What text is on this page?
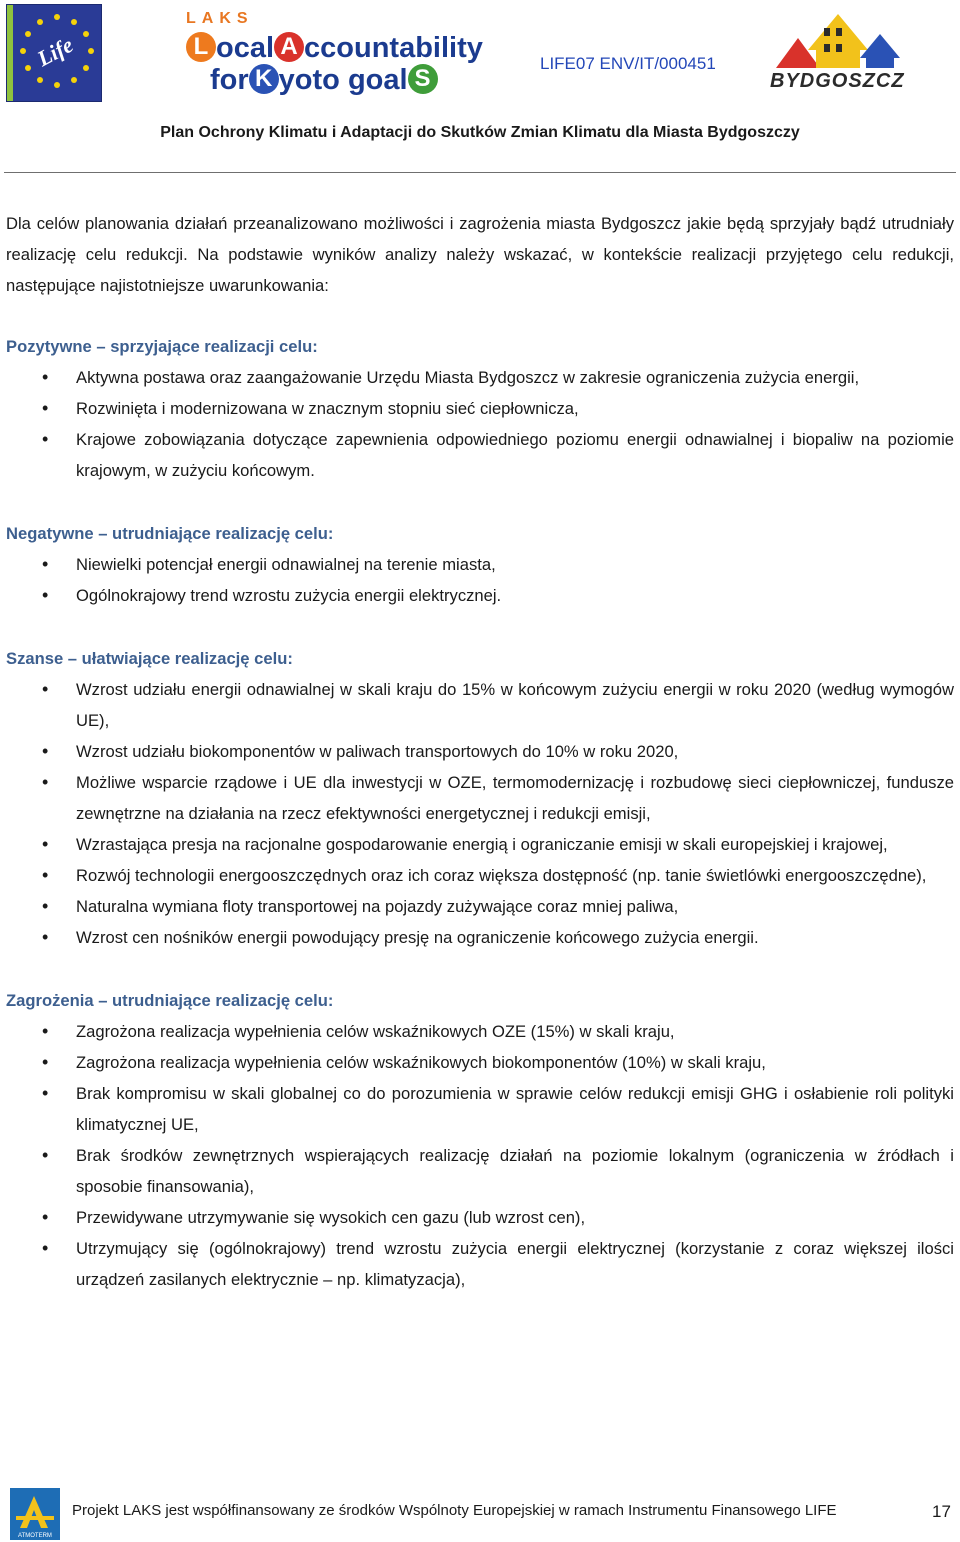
Life
LAKS
L ocal A ccountability
for K yoto goal S
LIFE07 ENV/IT/000451
BYDGOSZCZ
Plan Ochrony Klimatu i Adaptacji do Skutków Zmian Klimatu dla Miasta Bydgoszczy

Dla celów planowania działań przeanalizowano możliwości i zagrożenia miasta Bydgoszcz jakie będą sprzyjały bądź utrudniały realizację celu redukcji. Na podstawie wyników analizy należy wskazać, w kontekście realizacji przyjętego celu redukcji, następujące najistotniejsze uwarunkowania:

Pozytywne – sprzyjające realizacji celu:

• Aktywna postawa oraz zaangażowanie Urzędu Miasta Bydgoszcz w zakresie ograniczenia zużycia energii,
• Rozwinięta i modernizowana w znacznym stopniu sieć ciepłownicza,
• Krajowe zobowiązania dotyczące zapewnienia odpowiedniego poziomu energii odnawialnej i biopaliw na poziomie krajowym, w zużyciu końcowym.

Negatywne – utrudniające realizację celu:

• Niewielki potencjał energii odnawialnej na terenie miasta,
• Ogólnokrajowy trend wzrostu zużycia energii elektrycznej.

Szanse – ułatwiające realizację celu:

• Wzrost udziału energii odnawialnej w skali kraju do 15% w końcowym zużyciu energii w roku 2020 (według wymogów UE),
• Wzrost udziału biokomponentów w paliwach transportowych do 10% w roku 2020,
• Możliwe wsparcie rządowe i UE dla inwestycji w OZE, termomodernizację i rozbudowę sieci ciepłowniczej, fundusze zewnętrzne na działania na rzecz efektywności energetycznej i redukcji emisji,
• Wzrastająca presja na racjonalne gospodarowanie energią i ograniczanie emisji w skali europejskiej i krajowej,
• Rozwój technologii energooszczędnych oraz ich coraz większa dostępność (np. tanie świetlówki energooszczędne),
• Naturalna wymiana floty transportowej na pojazdy zużywające coraz mniej paliwa,
• Wzrost cen nośników energii powodujący presję na ograniczenie końcowego zużycia energii.

Zagrożenia – utrudniające realizację celu:

• Zagrożona realizacja wypełnienia celów wskaźnikowych OZE (15%) w skali kraju,
• Zagrożona realizacja wypełnienia celów wskaźnikowych biokomponentów (10%) w skali kraju,
• Brak kompromisu w skali globalnej co do porozumienia w sprawie celów redukcji emisji GHG i osłabienie roli polityki klimatycznej UE,
• Brak środków zewnętrznych wspierających realizację działań na poziomie lokalnym (ograniczenia w źródłach i sposobie finansowania),
• Przewidywane utrzymywanie się wysokich cen gazu (lub wzrost cen),
• Utrzymujący się (ogólnokrajowy) trend wzrostu zużycia energii elektrycznej (korzystanie z coraz większej ilości urządzeń zasilanych elektrycznie – np. klimatyzacja),
ATMOTERM
Projekt LAKS jest współfinansowany ze środków Wspólnoty Europejskiej w ramach Instrumentu Finansowego LIFE	17
